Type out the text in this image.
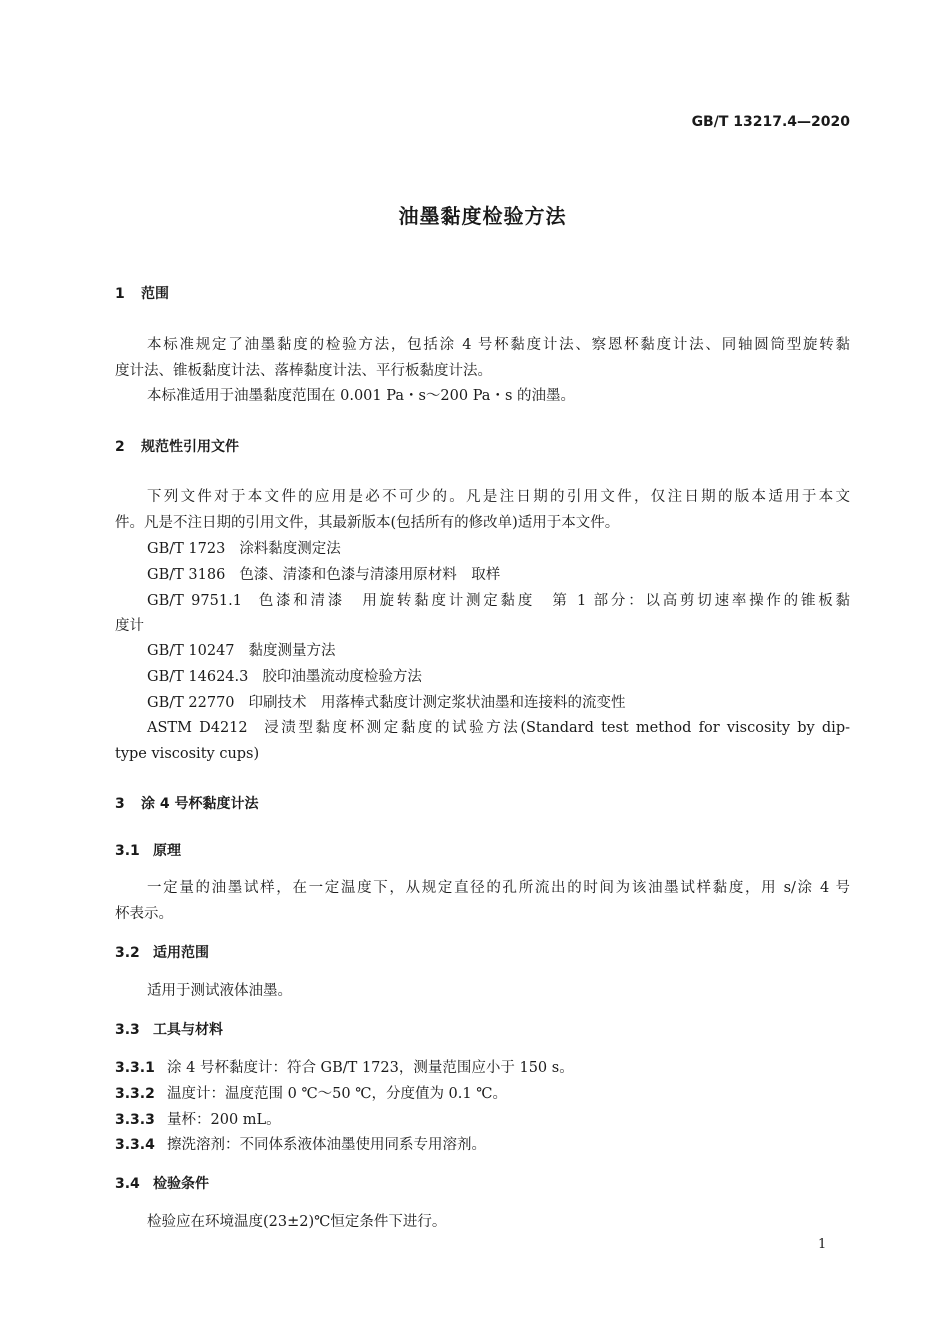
GB/T 13217.4—2020
油墨黏度检验方法
1 范围
本标准规定了油墨黏度的检验方法，包括涂 4 号杯黏度计法、察恩杯黏度计法、同轴圆筒型旋转黏
度计法、锥板黏度计法、落棒黏度计法、平行板黏度计法。
本标准适用于油墨黏度范围在 0.001 Pa・s～200 Pa・s 的油墨。
2 规范性引用文件
下列文件对于本文件的应用是必不可少的。凡是注日期的引用文件，仅注日期的版本适用于本文
件。凡是不注日期的引用文件，其最新版本(包括所有的修改单)适用于本文件。
GB/T 1723 涂料黏度测定法
GB/T 3186 色漆、清漆和色漆与清漆用原材料　取样
GB/T 9751.1 色漆和清漆　用旋转黏度计测定黏度　第 1 部分：以高剪切速率操作的锥板黏
度计
GB/T 10247 黏度测量方法
GB/T 14624.3 胶印油墨流动度检验方法
GB/T 22770 印刷技术　用落棒式黏度计测定浆状油墨和连接料的流变性
ASTM D4212 浸渍型黏度杯测定黏度的试验方法(Standard test method for viscosity by dip-
type viscosity cups)
3 涂 4 号杯黏度计法
3.1 原理
一定量的油墨试样，在一定温度下，从规定直径的孔所流出的时间为该油墨试样黏度，用 s/涂 4 号
杯表示。
3.2 适用范围
适用于测试液体油墨。
3.3 工具与材料
3.3.1 涂 4 号杯黏度计：符合 GB/T 1723，测量范围应小于 150 s。
3.3.2 温度计：温度范围 0 ℃～50 ℃，分度值为 0.1 ℃。
3.3.3 量杯：200 mL。
3.3.4 擦洗溶剂：不同体系液体油墨使用同系专用溶剂。
3.4 检验条件
检验应在环境温度(23±2)℃恒定条件下进行。
1
